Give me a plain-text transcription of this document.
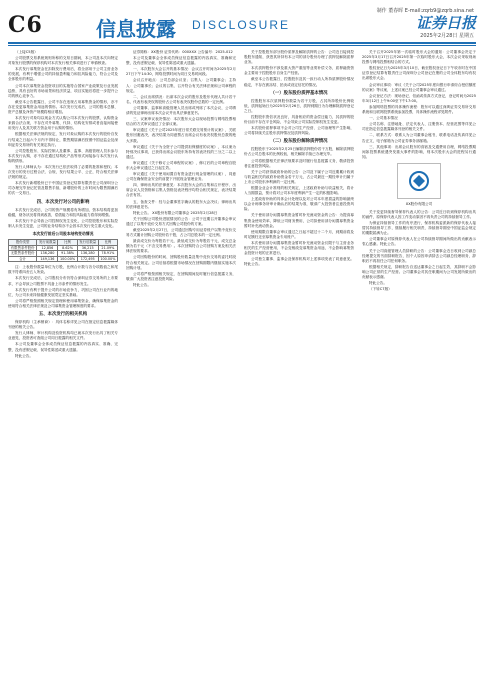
C6	信息披露 DISCLOSURE
制作 董春晖 E-mail:zqrb9@zqrb.sina.net
证券日报
2025年2月28日 星期五

（上接C5版）

公司股票交易系统规则所称的交易日期间，本公司及本次向特定对象发行股票的保荐机构对本次发行相关事项进行了审慎核查。

本次发行募集资金在扣除发行费用后，将全部用于公司主营业务的发展，有利于增强公司的持续盈利能力和抗风险能力，符合公司及全体股东的利益。

公司本次募集资金投资项目的实施符合国家产业政策及行业发展趋势，具有良好的市场前景和经济效益，项目实施后将进一步提升公司的核心竞争力。

截至本公告披露日，公司不存在违规占用募集资金的情形，亦不存在变更募集资金用途的情形。本次发行完成后，公司的股本总额、资产总额及净资产规模将相应增加。

本次发行对象均以现金方式认购公司本次发行的股票，认购资金来源合法合规，不存在对外募集、代持、结构化安排或者直接间接使用发行人及其关联方资金用于认购的情形。

根据相关法律法规的规定，发行对象认购的本次发行的股份自发行结束之日起六个月内不得转让，限售期届满后按照中国证监会及深圳证券交易所的有关规定执行。

公司控股股东、实际控制人及董事、监事、高级管理人员未参与本次发行认购，亦不存在通过结构化产品等形式间接参与本次发行认购的情形。

发行人律师认为：本次发行已依法取得了必要的批准和授权；本次发行的发行过程合法、合规，发行结果公平、公正，符合相关法律法规的规定。

本次发行新增股份已于中国证券登记结算有限责任公司深圳分公司办理完毕登记托管及限售手续，新增股份的上市时间为限售期满后的次一交易日。

四、本次发行对公司的影响

本次发行完成后，公司的资产规模将有所增加，资本结构将更加稳健，财务状况将得到改善，偿债能力和抗风险能力将得到增强。

本次发行不会导致公司控制权发生变化，公司控股股东和实际控制人未发生变更，公司的业务结构亦不会因本次发行发生重大变化。

本次发行前后公司股本结构变动情况
股份类型	发行前数量	比例	发行后数量	比例
有限售条件股份	12,856	8.62%	36,215	21.09%
无限售条件股份	136,280	91.38%	136,280	78.91%
合计	149,136	100.00%	172,495	100.00%

注：上表股份数量单位为万股，比例合计数与各分项数值之和尾数不符系四舍五入所致。

本次发行完成后，公司股权分布仍符合深圳证券交易所的上市要求，不会导致公司股票不具备上市条件的情形发生。

本次发行有利于提升公司的市场竞争力，巩固公司在行业内的地位，为公司未来持续健康发展奠定坚实基础。

公司将严格按照相关规定管理和使用募集资金，确保募集资金的使用符合相关法律法规及公司募集资金管理制度的要求。

五、本次发行的相关机构

保荐机构（主承销商）：具体名称详见公司在指定信息披露媒体刊登的相关公告。

发行人律师、审计机构及验资机构均已就本次发行出具了相关专业意见，投资者可查阅公司同日披露的相关文件。

本公司及董事会全体成员保证信息披露的内容真实、准确、完整，没有虚假记载、误导性陈述或重大遗漏。

特此公告。

证券简称：XX股份 证券代码：000XXX 公告编号：2025-012

本公司及董事会全体成员保证信息披露的内容真实、准确和完整，没有虚假记载、误导性陈述或重大遗漏。

一、本次股东大会召开的基本情况：会议召开时间为2025年2月27日下午14:30，网络投票时间为同日交易时间段。

会议召开地点：公司总部会议室；召集人：公司董事会；主持人：公司董事长；会议的召集、召开符合有关法律法规和公司章程的规定。

二、会议出席情况：出席本次会议的股东及股东代理人共计若干名，代表有表决权的股份占公司有表决权股份总数的一定比例。

公司董事、监事和高级管理人员出席或列席了本次会议，公司聘请的见证律师出席本次会议并出具法律意见书。

三、议案审议表决情况：本次股东大会以现场投票与网络投票相结合的方式审议通过了全部议案。

审议通过《关于公司2025年度日常关联交易预计的议案》，关联股东回避表决，表决结果为同意票占出席会议有表决权股份总数的绝大多数。

审议通过《关于为全资子公司提供担保额度的议案》，本议案为特别决议事项，已获得出席会议股东所持有效表决权的三分之二以上通过。

审议通过《关于修订公司章程的议案》，修订后的公司章程自股东大会审议通过之日起生效。

审议通过《关于使用闲置自有资金进行现金管理的议案》，同意公司在确保资金安全的前提下开展现金管理业务。

四、律师出具的法律意见：本次股东大会的召集和召开程序、出席会议人员资格和召集人资格及表决程序均符合相关规定，表决结果合法有效。

五、备查文件：经与会董事签字确认的股东大会决议；律师出具的法律意见书。

特此公告。 XX股份有限公司董事会 2025年2月28日

关于回购公司股份进展情况的公告：公司于近期召开董事会审议通过了以集中竞价交易方式回购公司股份的方案。

截至2025年2月27日，公司通过回购专用证券账户以集中竞价交易方式累计回购公司股份若干股，占公司总股本的一定比例。

最高成交价为每股若干元，最低成交价为每股若干元，成交总金额为若干元（不含交易费用）。本次回购符合公司回购方案及相关法律法规的要求。

公司回购股份的时间、回购股份数量及集中竞价交易的委托时段符合相关规定。公司后续将根据市场情况在回购期限内继续实施本次回购计划。

公司将严格按照相关规定，在回购期间及时履行信息披露义务，敬请广大投资者注意投资风险。

特此公告。

关于控股股东部分股份质押及解除质押的公告：公司近日接到控股股东通知，获悉其所持有本公司的部分股份办理了质押及解除质押业务。

本次质押股份不涉及重大资产重组等业绩补偿义务，质押融资资金主要用于控股股东自身生产经营。

截至本公告披露日，控股股东及其一致行动人所持质押股份情况稳定，不存在被冻结、拍卖或设定信托的情况。

（一）股东股份质押基本情况

控股股东本次质押股份数量为若干万股，占其所持股份比例较低，质押起始日为2025年2月26日，质押到期日为办理解除质押登记之日。

控股股东资信状况良好，具备相应的资金偿还能力，其质押的股份目前不存在平仓风险，不会导致公司实际控制权发生变更。

本次股份质押事项不会对公司生产经营、公司治理等产生影响，公司将持续关注股东质押情况及质押风险。

（二）股东股份解除质押情况

控股股东于2025年2月25日解除质押股份若干万股，解除质押股份占公司总股本的比例较低，相关解除手续已办理完毕。

公司将根据相关法律法规要求及时履行信息披露义务，敬请投资者注意投资风险。

关于公司获得政府补助的公告：公司及下属子公司近期累计收到与收益相关的政府补助资金若干万元，占公司最近一期经审计归属于上市公司股东净利润的一定比例。

根据企业会计准则的相关规定，上述政府补助与收益相关，将计入当期损益，预计将对公司本年度利润产生一定的积极影响。

上述政府补助的具体会计处理以及对公司本年度损益的影响最终以会计师事务所审计确认后的结果为准，敬请广大投资者注意投资风险。

关于使用部分闲置募集资金暂时补充流动资金的公告：为提高募集资金使用效率，降低公司财务费用，公司拟使用部分闲置募集资金暂时补充流动资金。

使用期限自董事会审议通过之日起不超过十二个月，到期前将及时足额归还至募集资金专用账户。

本次使用部分闲置募集资金暂时补充流动资金仅限于与主营业务相关的生产经营使用，不会变相改变募集资金用途，不会影响募集资金投资计划的正常进行。

公司独立董事、监事会及保荐机构对上述事项发表了同意意见。特此公告。

关于召开2025年第一次临时股东大会的通知：公司董事会决定于2025年3月17日召开2025年第一次临时股东大会，本次会议采取现场投票与网络投票相结合的方式。

股权登记日为2025年3月10日，截至股权登记日下午收市时在中国证券登记结算有限责任公司深圳分公司登记在册的公司全体股东均有权出席股东大会。

会议审议事项：审议《关于公司2025年度向银行申请综合授信额度的议案》等议案，上述议案已经公司董事会审议通过。

会议登记方法：现场登记、信函或传真方式登记，登记时间为2025年3月12日上午9:00至下午17:00。

参加网络投票的具体操作流程：股东可以通过深圳证券交易所交易系统和互联网投票系统参加投票，具体操作流程详见附件。

一、公司基本情况

公司名称、注册地址、法定代表人、注册资本、经营范围等详见公司在指定信息披露媒体刊登的相关文件。

二、联系方式：联系人为公司董事会秘书，联系电话及传真详见公告正文，电子邮箱为公司证券事务部邮箱。

三、其他事项：出席会议股东的食宿及交通费用自理，网络投票期间如投票系统遇突发重大事件的影响，则本次股东大会的进程另行通知。

XX股份有限公司

关于变更持续督导保荐代表人的公告：公司近日收到保荐机构出具的函件，原保荐代表人因工作变动原因不再负责公司的持续督导工作。

为保证持续督导工作的有序进行，保荐机构委派新的保荐代表人接替其持续督导工作，继续履行相关职责，持续督导期至中国证监会规定的期限届满为止。

公司董事会对原保荐代表人在公司持续督导期间所做出的贡献表示衷心感谢。特此公告。

关于公司高级管理人员辞职的公告：公司董事会近日收到公司副总经理提交的书面辞职报告，因个人原因申请辞去公司副总经理职务，辞职后不再担任公司任何职务。

根据相关规定，辞职报告自送达董事会之日起生效，其辞职不会影响公司正常的生产经营。公司董事会对其任职期间为公司发展所做出的贡献表示感谢。

特此公告。

（下转C7版）
